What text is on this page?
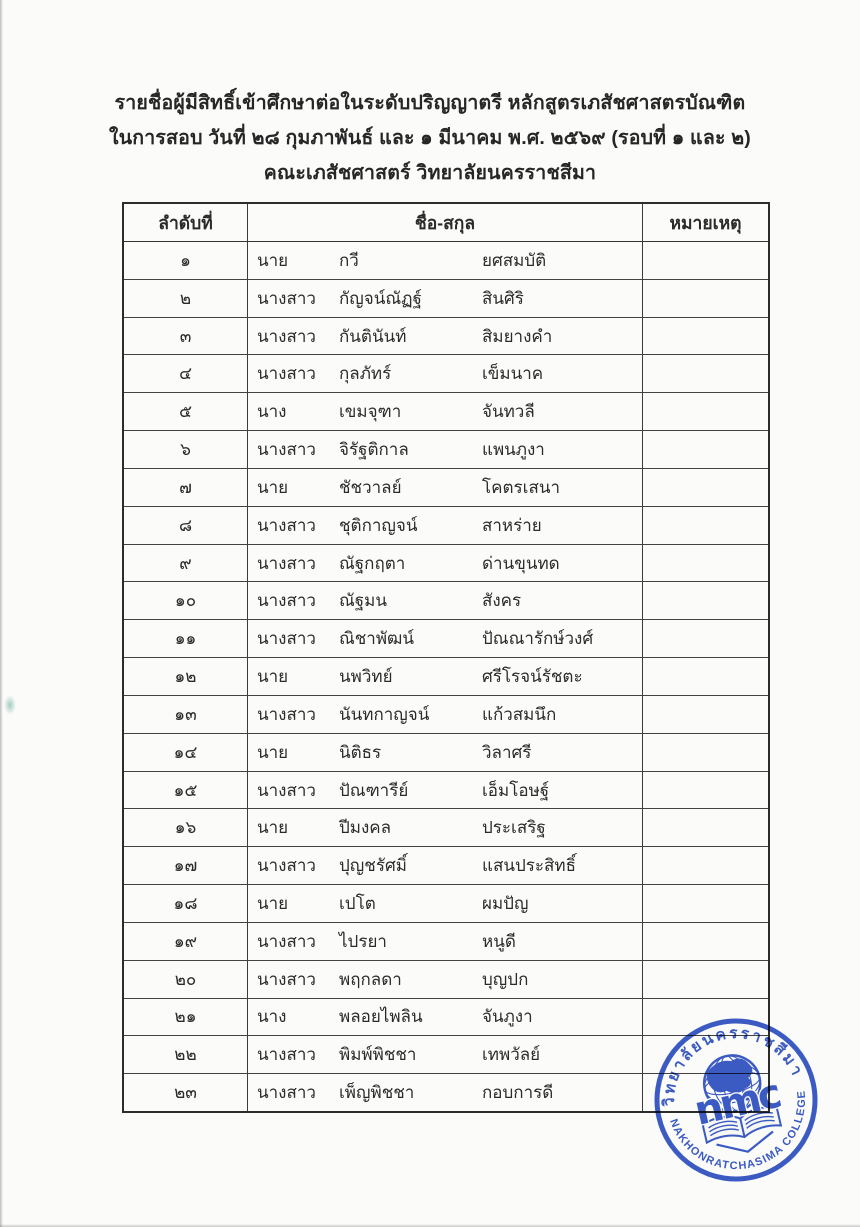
รายชื่อผู้มีสิทธิ์เข้าศึกษาต่อในระดับปริญญาตรี หลักสูตรเภสัชศาสตรบัณฑิต
ในการสอบ วันที่ ๒๘ กุมภาพันธ์ และ ๑ มีนาคม พ.ศ. ๒๕๖๙ (รอบที่ ๑ และ ๒)
คณะเภสัชศาสตร์ วิทยาลัยนครราชสีมา
ลำดับที่	ชื่อ-สกุล	หมายเหตุ
๑	นาย	กวี	ยศสมบัติ
๒	นางสาว	กัญจน์ณัฏฐ์	สินศิริ
๓	นางสาว	กันตินันท์	สิมยางคำ
๔	นางสาว	กุลภัทร์	เข็มนาค
๕	นาง	เขมจุฑา	จันทวลี
๖	นางสาว	จิรัฐติกาล	แพนภูงา
๗	นาย	ชัชวาลย์	โคตรเสนา
๘	นางสาว	ชุติกาญจน์	สาหร่าย
๙	นางสาว	ณัฐกฤตา	ด่านขุนทด
๑๐	นางสาว	ณัฐมน	สังคร
๑๑	นางสาว	ณิชาพัฒน์	ปัณณารักษ์วงศ์
๑๒	นาย	นพวิทย์	ศรีโรจน์รัชตะ
๑๓	นางสาว	นันทกาญจน์	แก้วสมนึก
๑๔	นาย	นิติธร	วิลาศรี
๑๕	นางสาว	ปัณฑารีย์	เอ็มโอษฐ์
๑๖	นาย	ปีมงคล	ประเสริฐ
๑๗	นางสาว	ปุญชรัศมิ์	แสนประสิทธิ์
๑๘	นาย	เปโต	ผมปัญ
๑๙	นางสาว	ไปรยา	หนูดี
๒๐	นางสาว	พฤกลดา	บุญปก
๒๑	นาง	พลอยไพลิน	จันภูงา
๒๒	นางสาว	พิมพ์พิชชา	เทพวัลย์
๒๓	นางสาว	เพ็ญพิชชา	กอบการดี	วิทยาลัยนครราชสีมา
NAKHONRATCHASIMA COLLEGE
nmc
